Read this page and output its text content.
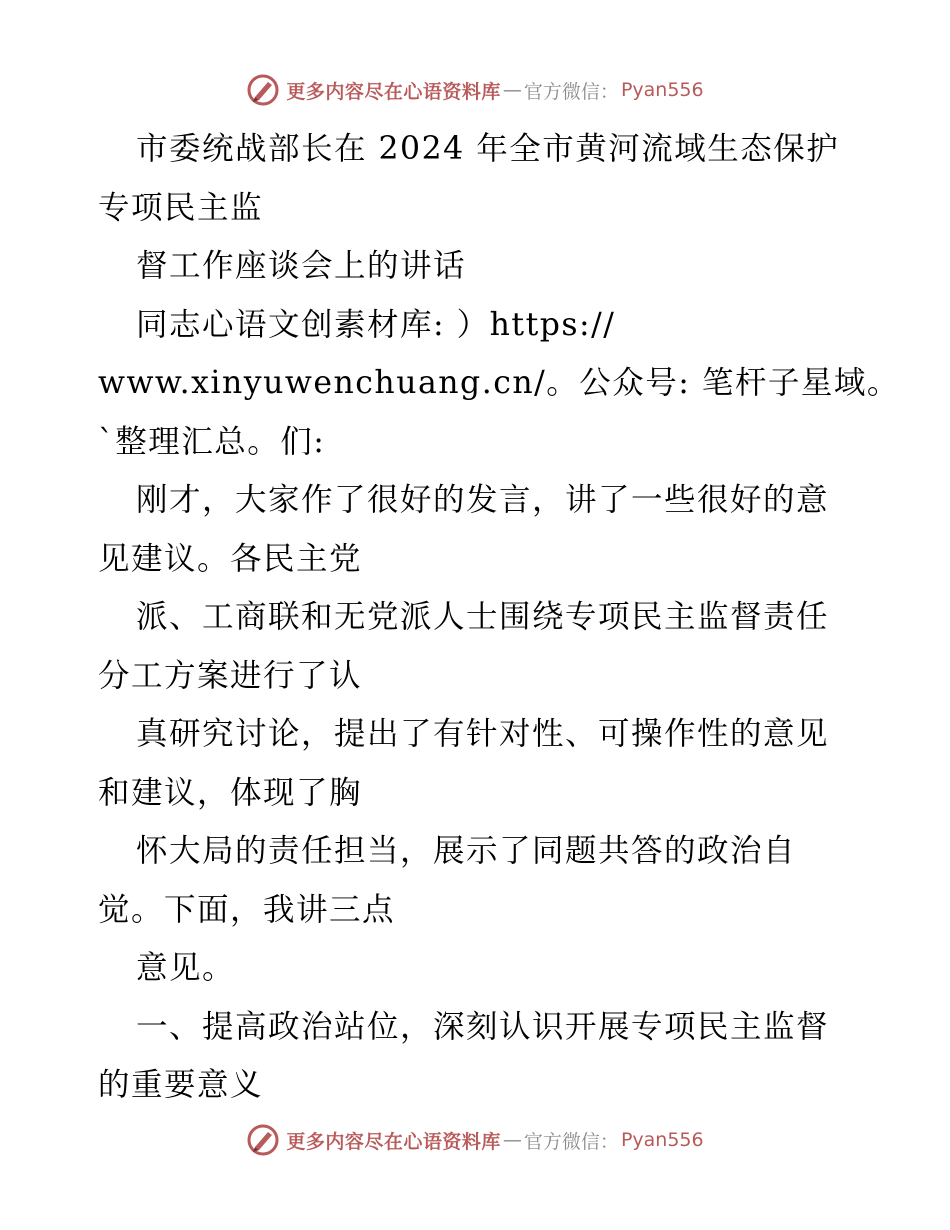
更多内容尽在心语资料库 — 官方微信： Pyan556
市委统战部长在 2024 年全市黄河流域生态保护
专项民主监
督工作座谈会上的讲话
同志心语文创素材库: ）https://
www.xinyuwenchuang.cn/。公众号: 笔杆子星域。
`整理汇总。们:
刚才，大家作了很好的发言，讲了一些很好的意
见建议。各民主党
派、工商联和无党派人士围绕专项民主监督责任
分工方案进行了认
真研究讨论，提出了有针对性、可操作性的意见
和建议，体现了胸
怀大局的责任担当，展示了同题共答的政治自
觉。下面，我讲三点
意见。
一、提高政治站位，深刻认识开展专项民主监督
的重要意义
更多内容尽在心语资料库 — 官方微信： Pyan556
